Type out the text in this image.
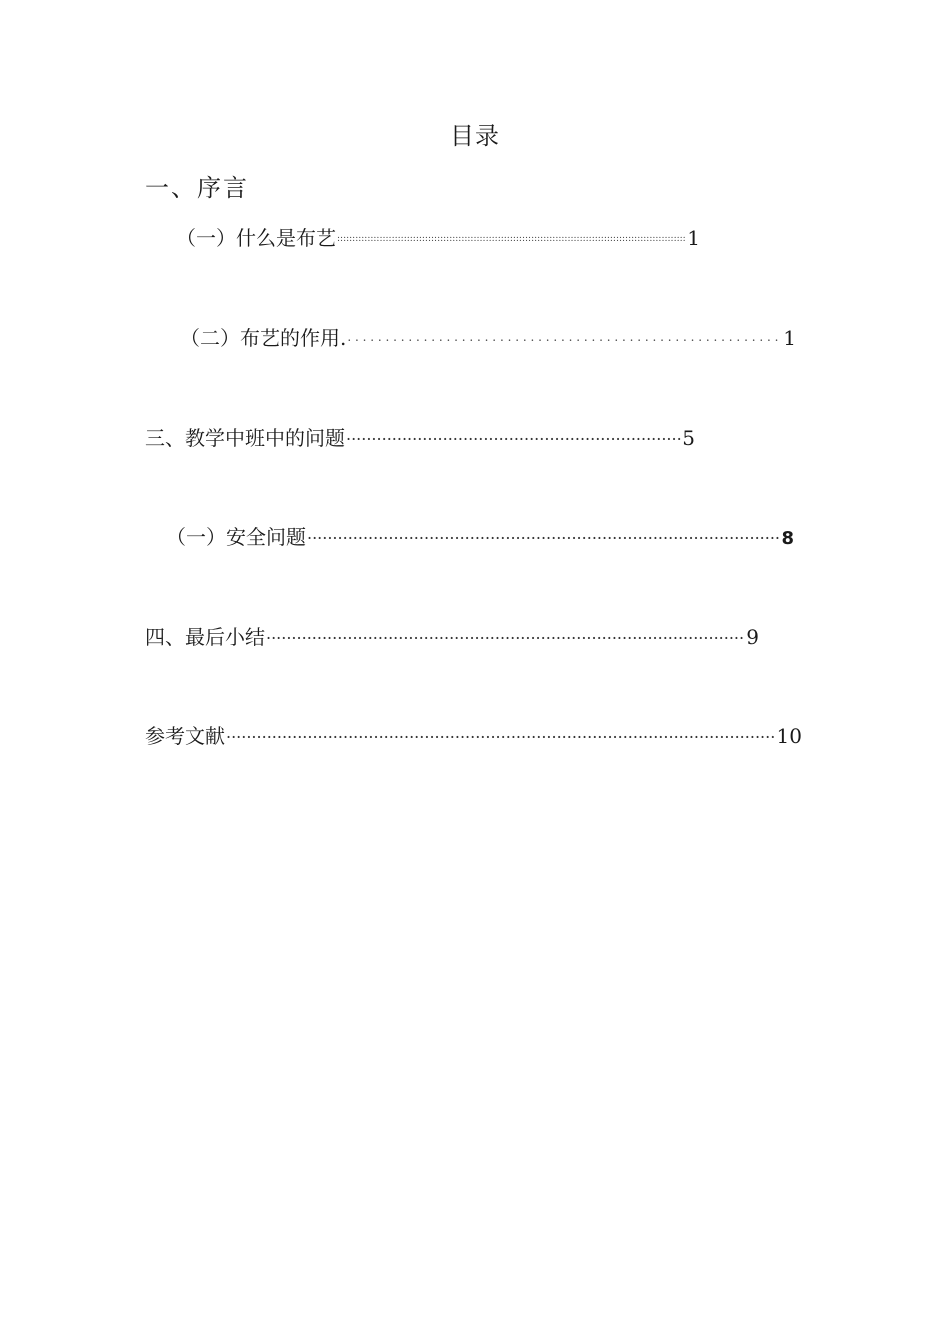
目录
一、序言
（一）什么是布艺 ::::::::::::::::::::::::::::::::::::::::::::::::::::::::::::::::::::::::::::::::::::::::::::::::::::::::::::::::::::::::::::::::::::::::::::::::::::::::::::::::::::::::::::::::::::::::::	1
（二）布艺的作用. . . .	1
三、教学中班中的问题 .....	5
（一）安全问题 .....	8
四、最后小结 .....	9
参考文献 .....	10
